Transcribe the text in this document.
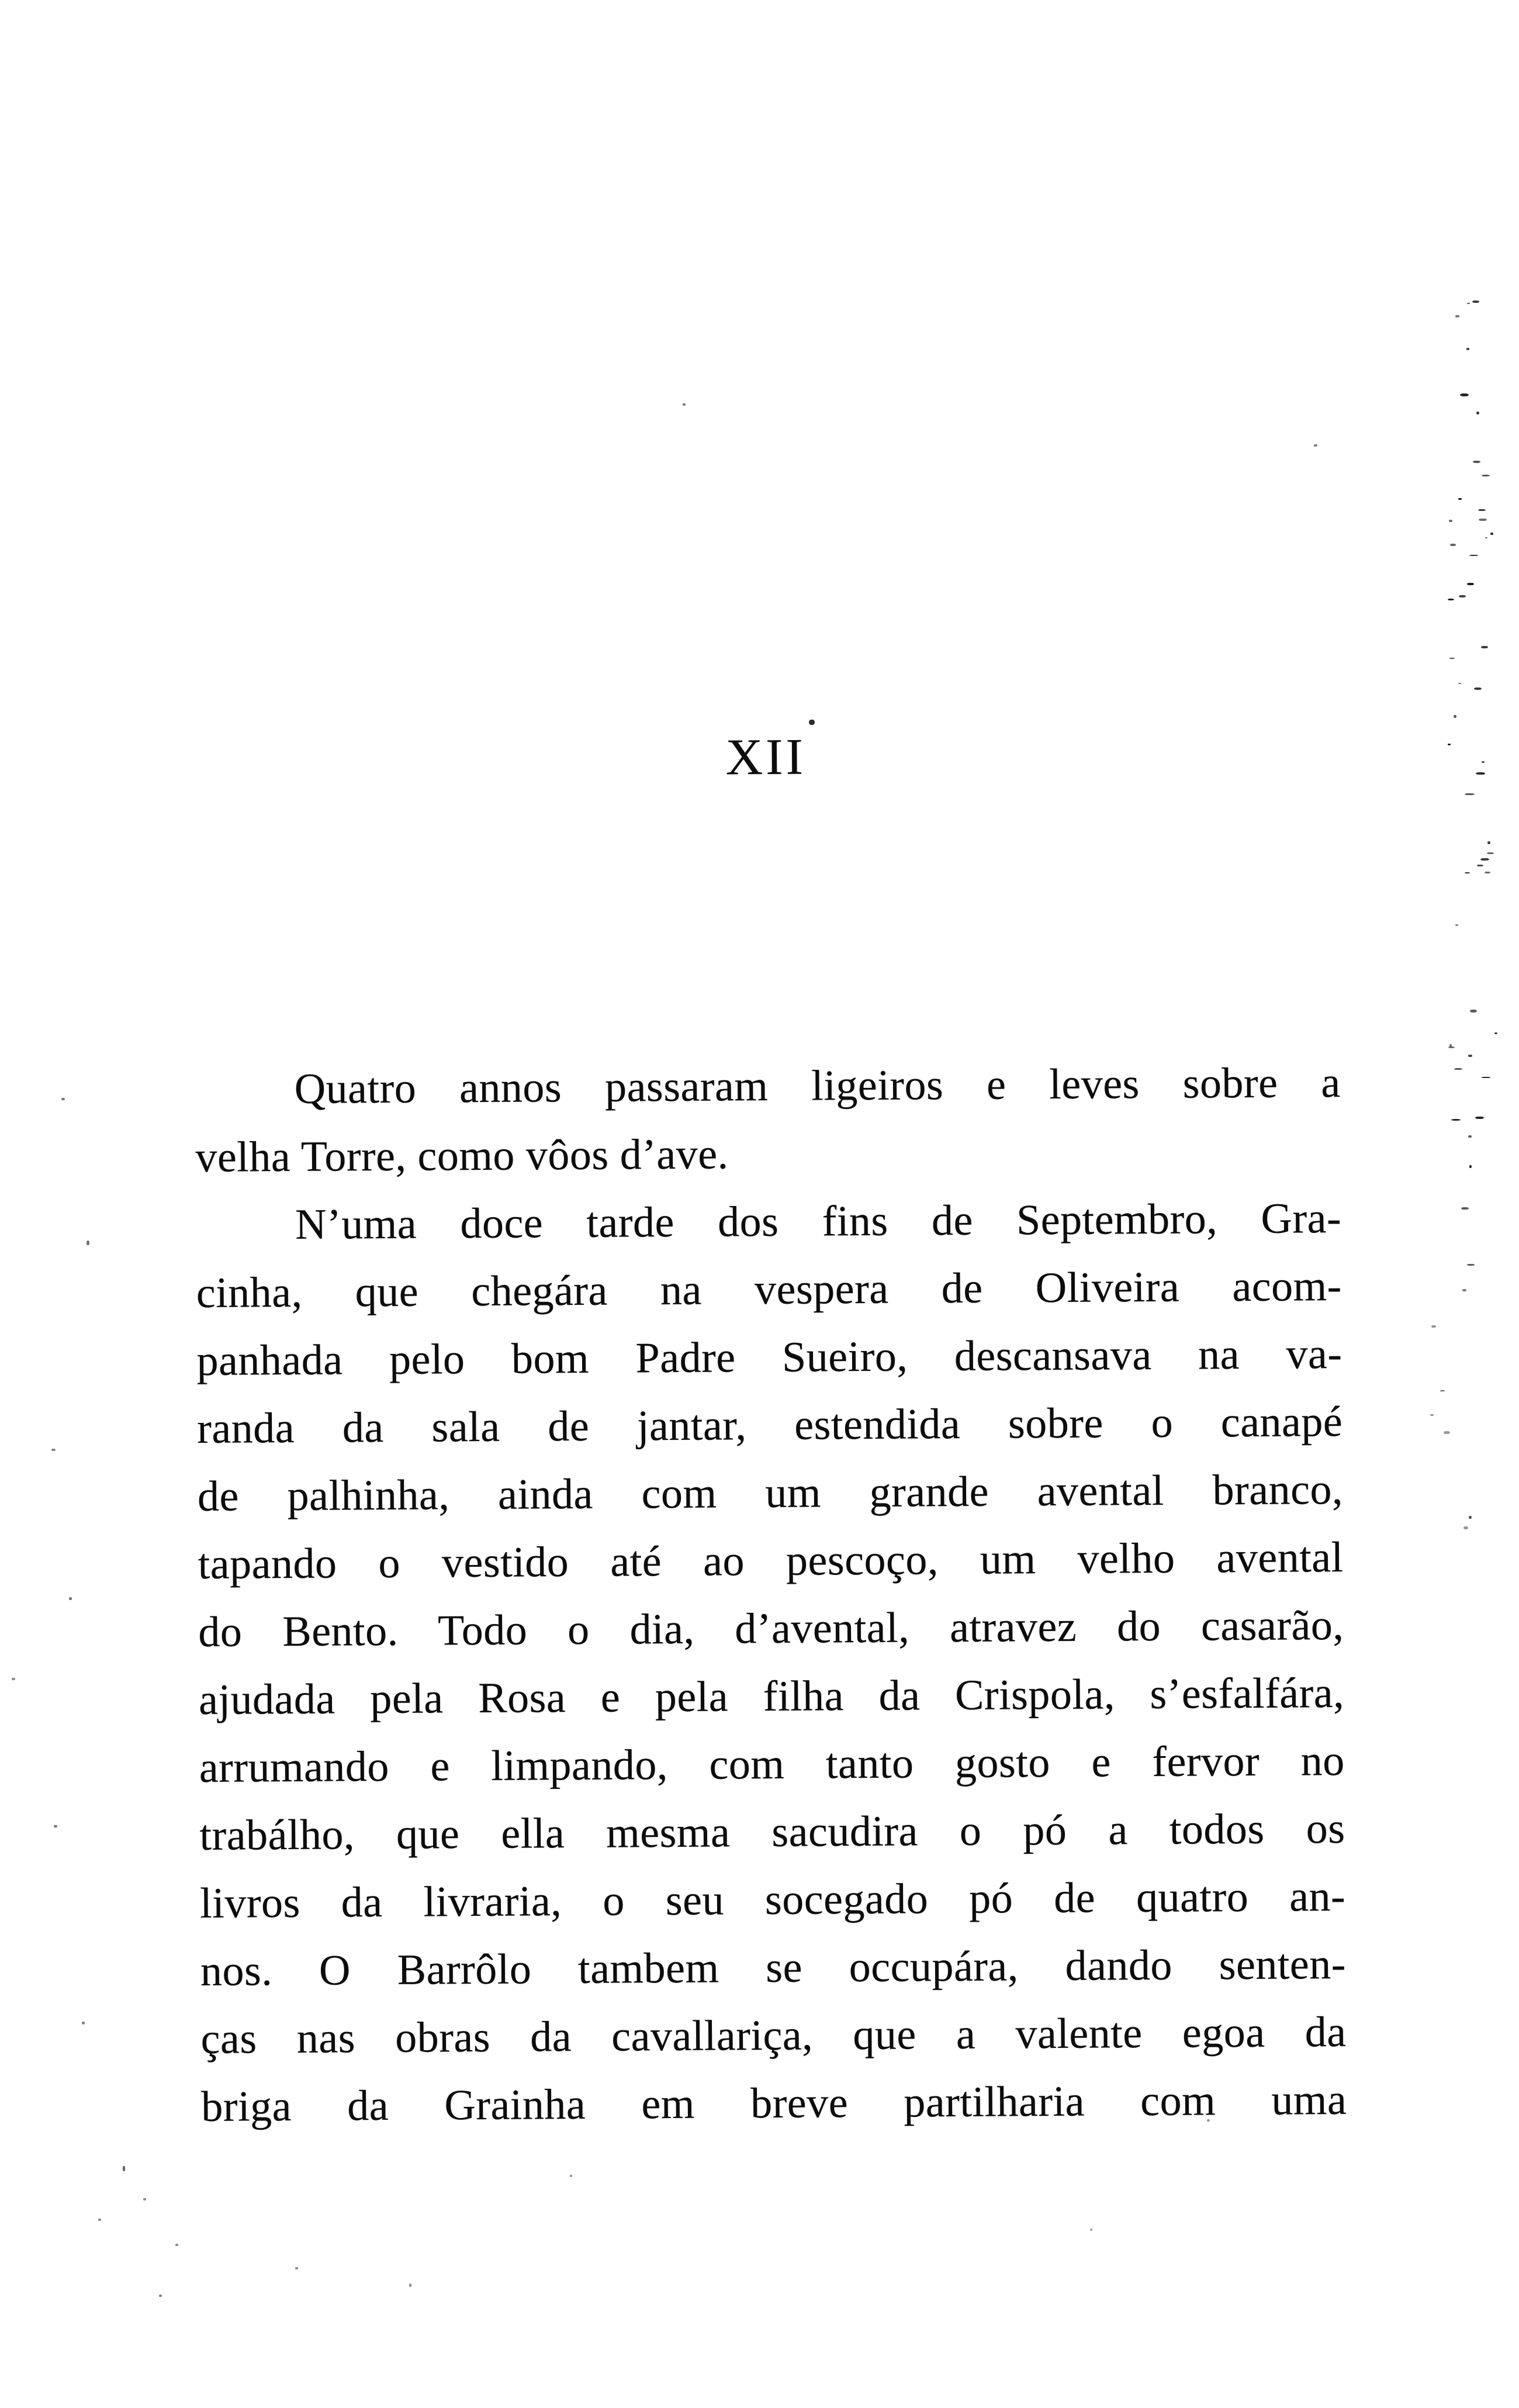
XII
Quatro annos passaram ligeiros e leves sobre a
velha Torre, como vôos d’ave.
N’uma doce tarde dos fins de Septembro, Gra-
cinha, que chegára na vespera de Oliveira acom-
panhada pelo bom Padre Sueiro, descansava na va-
randa da sala de jantar, estendida sobre o canapé
de palhinha, ainda com um grande avental branco,
tapando o vestido até ao pescoço, um velho avental
do Bento. Todo o dia, d’avental, atravez do casarão,
ajudada pela Rosa e pela filha da Crispola, s’esfalfára,
arrumando e limpando, com tanto gosto e fervor no
trabálho, que ella mesma sacudira o pó a todos os
livros da livraria, o seu socegado pó de quatro an-
nos. O Barrôlo tambem se occupára, dando senten-
ças nas obras da cavallariça, que a valente egoa da
briga da Grainha em breve partilharia com uma
